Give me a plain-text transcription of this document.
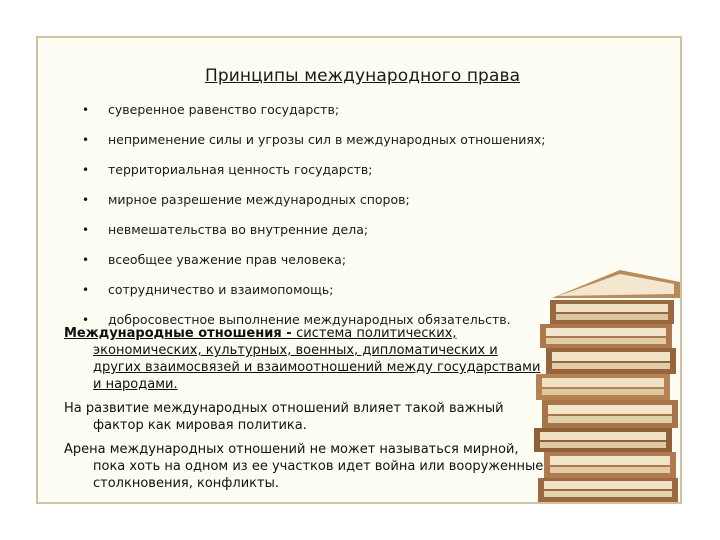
Принципы международного права
• суверенное равенство государств;
• неприменение силы и угрозы сил в международных отношениях;
• территориальная ценность государств;
• мирное разрешение международных споров;
• невмешательства во внутренние дела;
• всеобщее уважение прав человека;
• сотрудничество и взаимопомощь;
• добросовестное выполнение международных обязательств.

Международные отношения - система политических,
экономических, культурных, военных, дипломатических и
других взаимосвязей и взаимоотношений между государствами
и народами.

На развитие международных отношений влияет такой важный
фактор как мировая политика.

Арена международных отношений не может называться мирной,
пока хоть на одном из ее участков идет война или вооруженные
столкновения, конфликты.
